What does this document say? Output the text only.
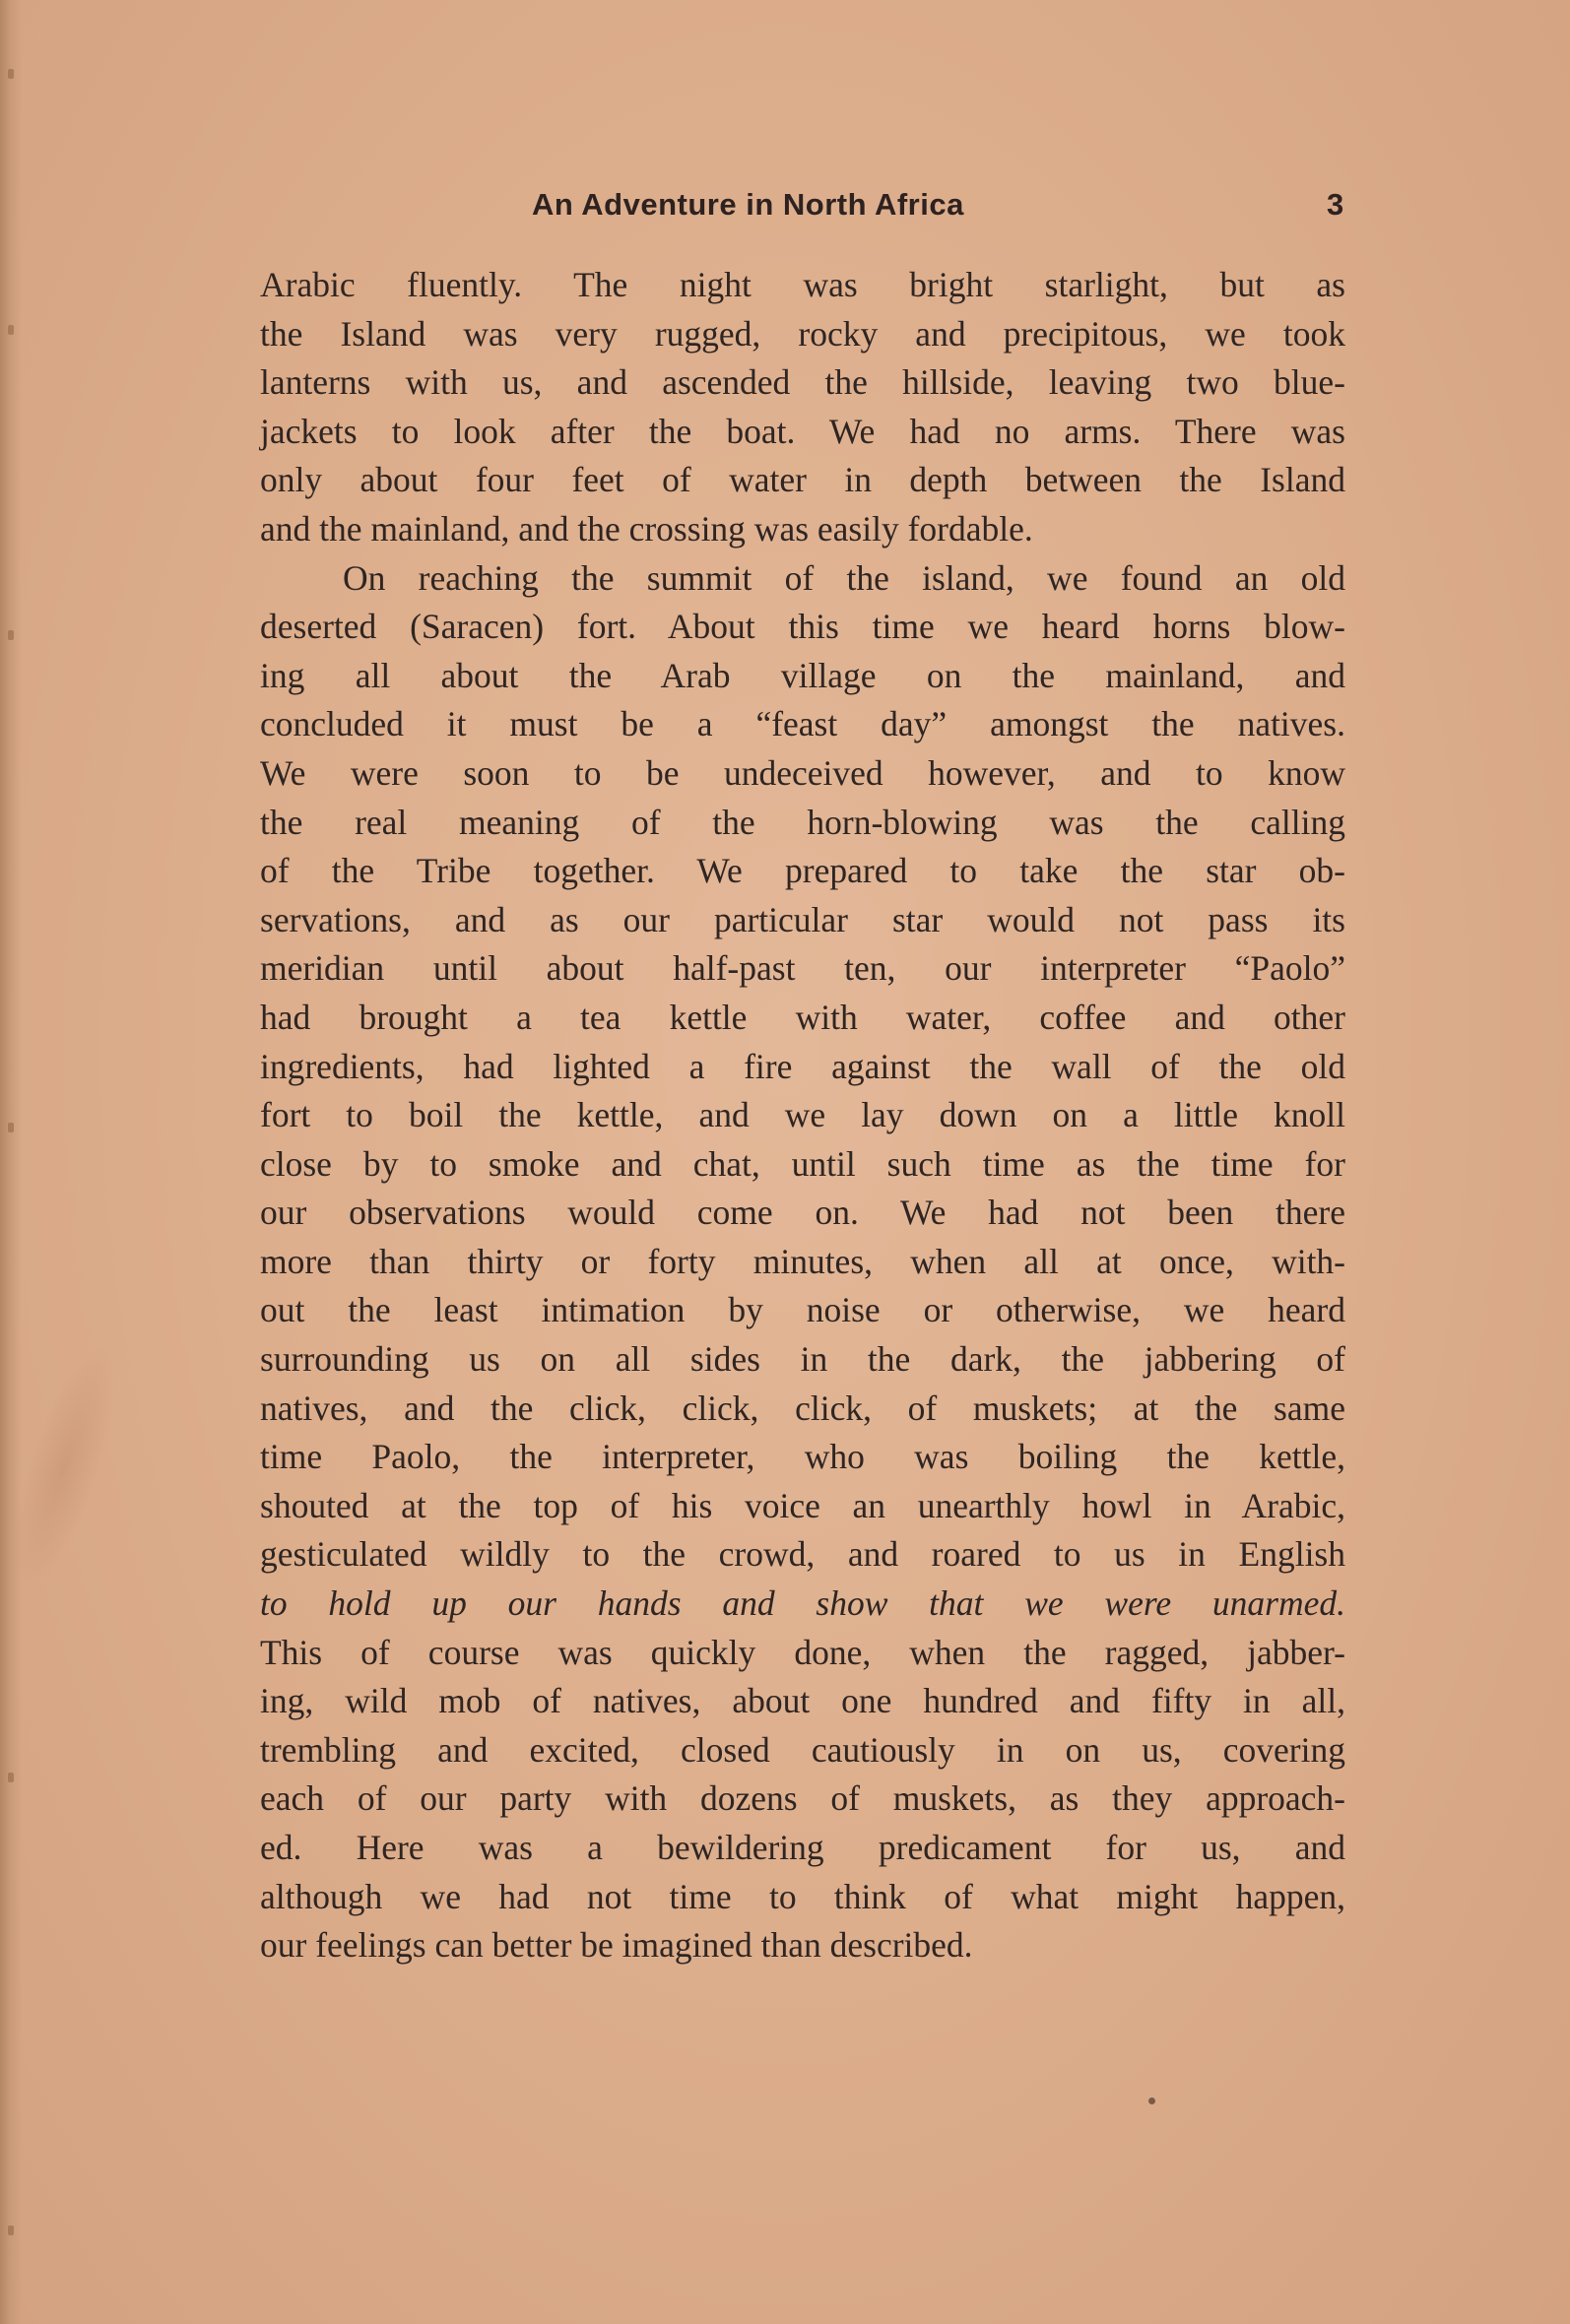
An Adventure in North Africa	3
Arabic fluently. The night was bright starlight, but as
the Island was very rugged, rocky and precipitous, we took
lanterns with us, and ascended the hillside, leaving two blue-
jackets to look after the boat. We had no arms. There was
only about four feet of water in depth between the Island
and the mainland, and the crossing was easily fordable.
On reaching the summit of the island, we found an old
deserted (Saracen) fort. About this time we heard horns blow-
ing all about the Arab village on the mainland, and
concluded it must be a “feast day” amongst the natives.
We were soon to be undeceived however, and to know
the real meaning of the horn-blowing was the calling
of the Tribe together. We prepared to take the star ob-
servations, and as our particular star would not pass its
meridian until about half-past ten, our interpreter “Paolo”
had brought a tea kettle with water, coffee and other
ingredients, had lighted a fire against the wall of the old
fort to boil the kettle, and we lay down on a little knoll
close by to smoke and chat, until such time as the time for
our observations would come on. We had not been there
more than thirty or forty minutes, when all at once, with-
out the least intimation by noise or otherwise, we heard
surrounding us on all sides in the dark, the jabbering of
natives, and the click, click, click, of muskets; at the same
time Paolo, the interpreter, who was boiling the kettle,
shouted at the top of his voice an unearthly howl in Arabic,
gesticulated wildly to the crowd, and roared to us in English
to hold up our hands and show that we were unarmed.
This of course was quickly done, when the ragged, jabber-
ing, wild mob of natives, about one hundred and fifty in all,
trembling and excited, closed cautiously in on us, covering
each of our party with dozens of muskets, as they approach-
ed. Here was a bewildering predicament for us, and
although we had not time to think of what might happen,
our feelings can better be imagined than described.
